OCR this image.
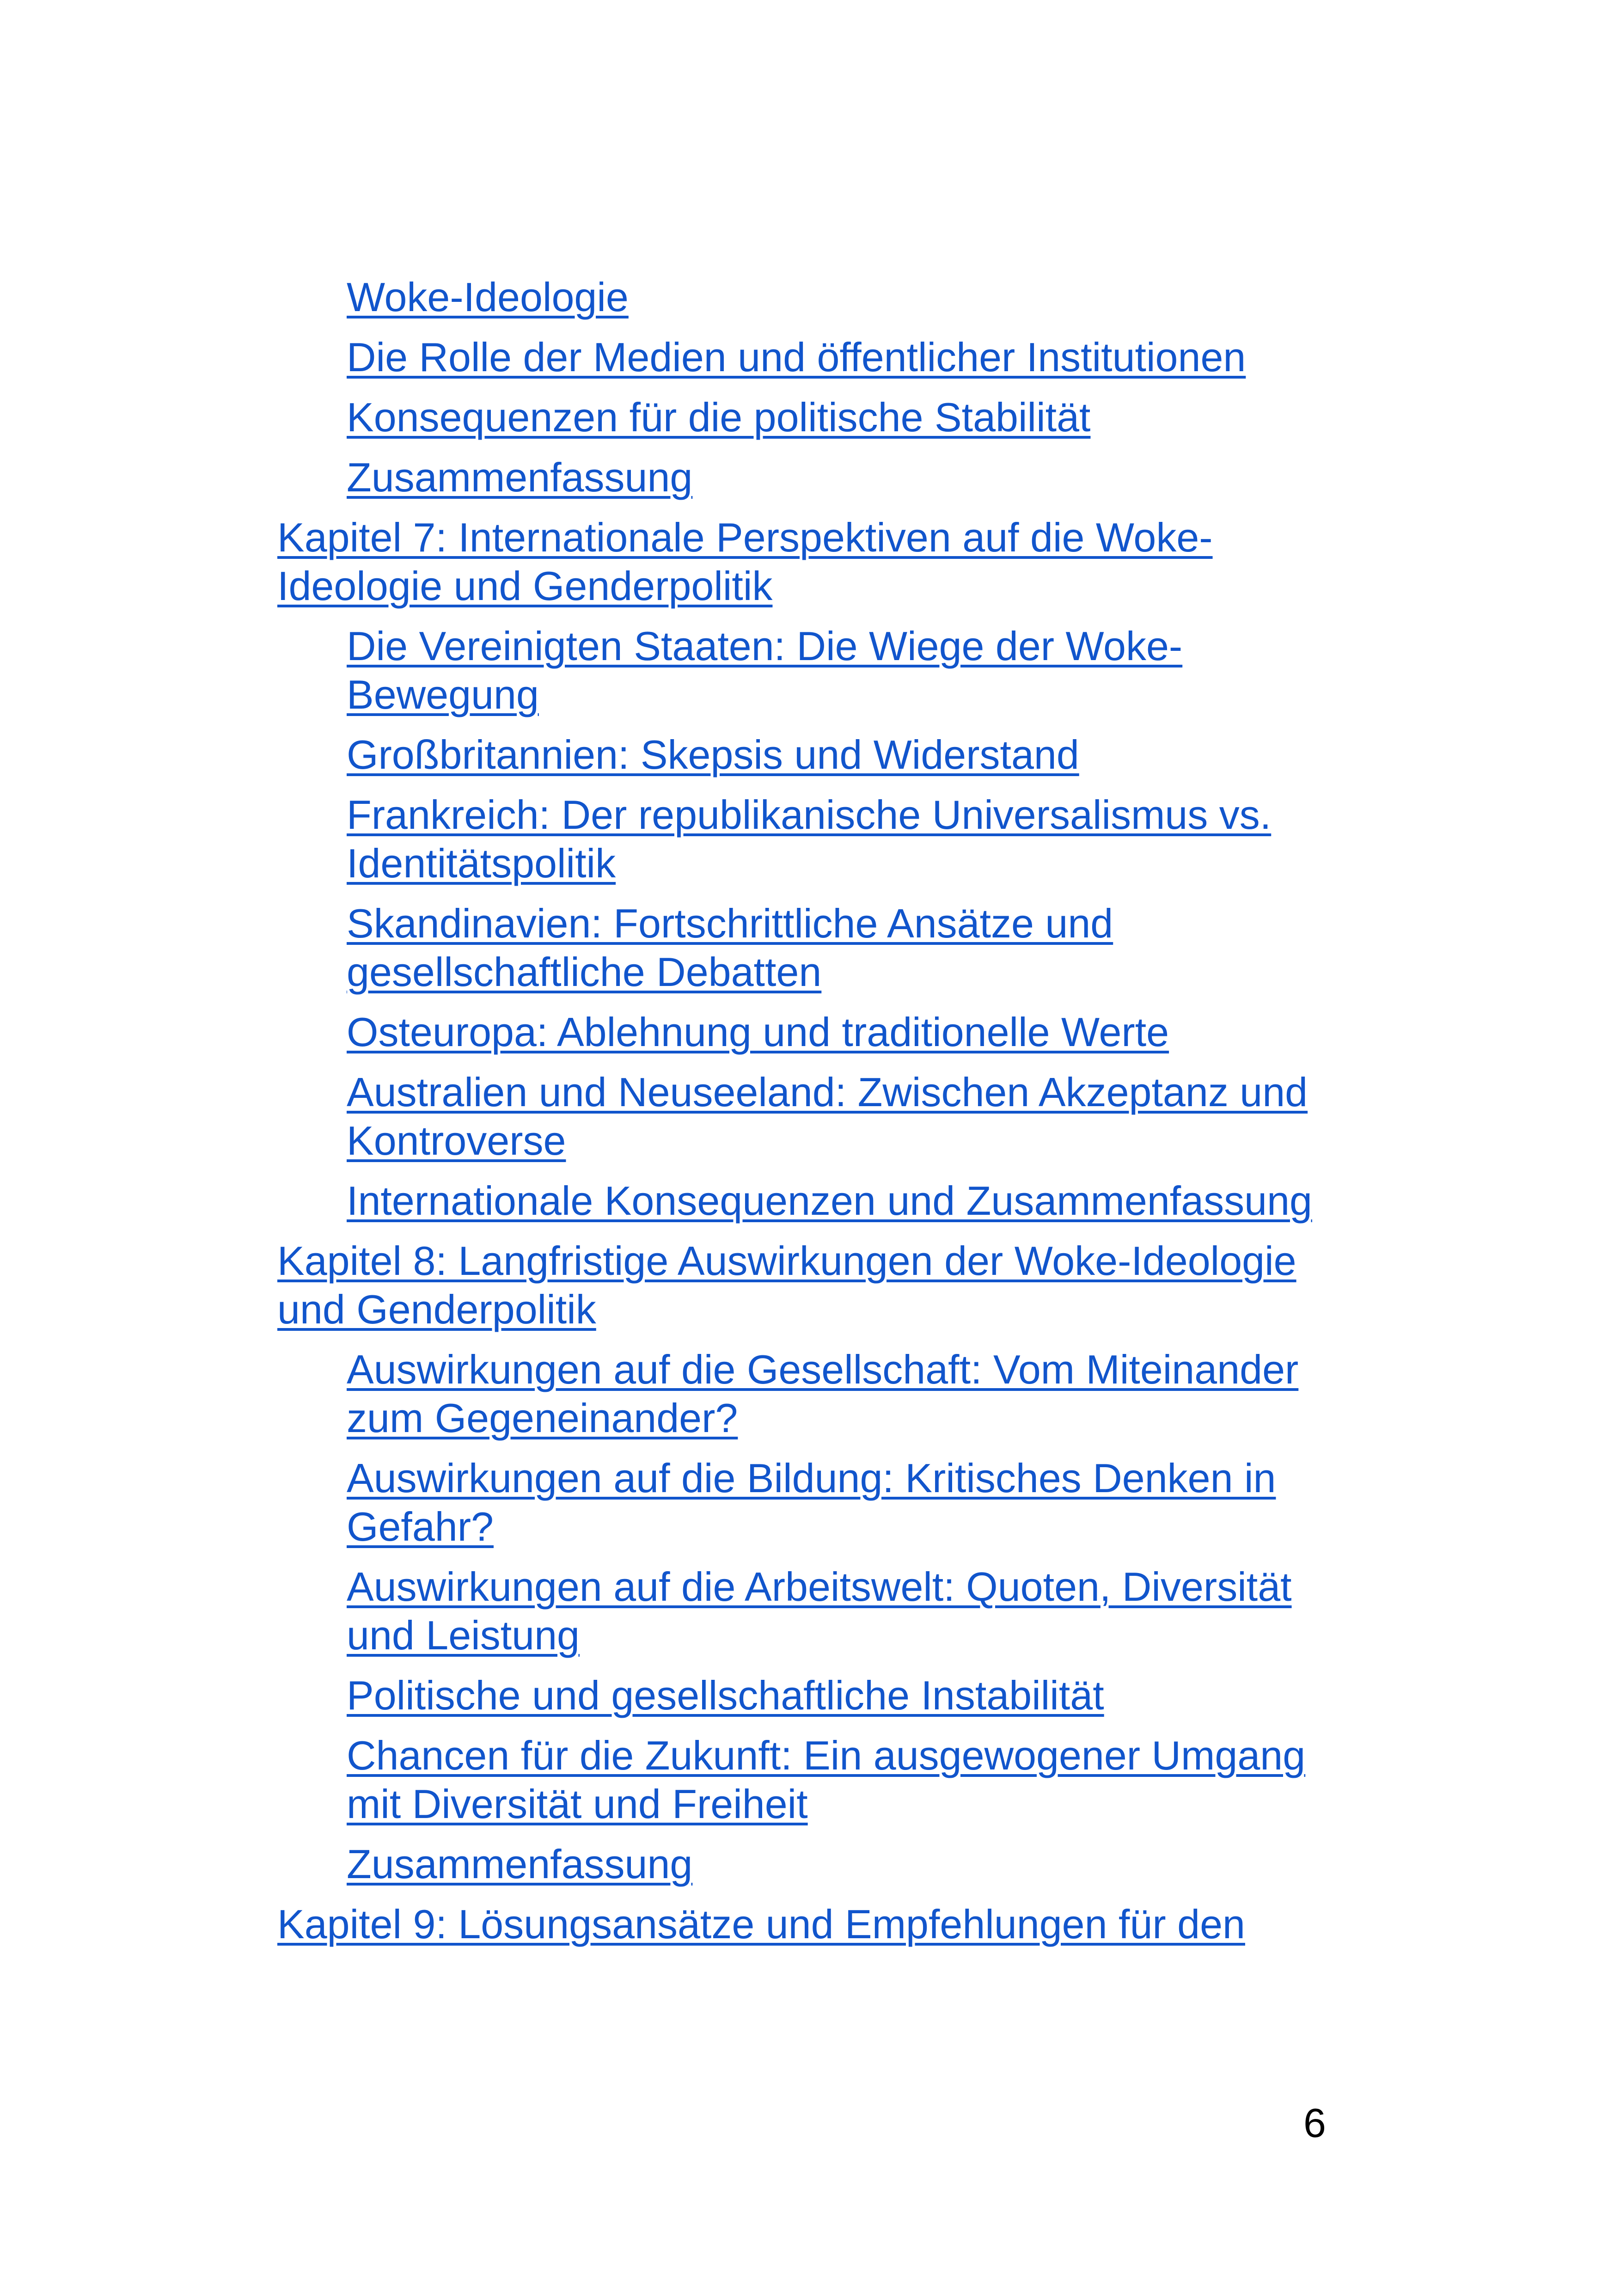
Woke-Ideologie
Die Rolle der Medien und öffentlicher Institutionen
Konsequenzen für die politische Stabilität
Zusammenfassung
Kapitel 7: Internationale Perspektiven auf die Woke-Ideologie und Genderpolitik
Die Vereinigten Staaten: Die Wiege der Woke-Bewegung
Großbritannien: Skepsis und Widerstand
Frankreich: Der republikanische Universalismus vs. Identitätspolitik
Skandinavien: Fortschrittliche Ansätze und gesellschaftliche Debatten
Osteuropa: Ablehnung und traditionelle Werte
Australien und Neuseeland: Zwischen Akzeptanz und Kontroverse
Internationale Konsequenzen und Zusammenfassung
Kapitel 8: Langfristige Auswirkungen der Woke-Ideologie und Genderpolitik
Auswirkungen auf die Gesellschaft: Vom Miteinander zum Gegeneinander?
Auswirkungen auf die Bildung: Kritisches Denken in Gefahr?
Auswirkungen auf die Arbeitswelt: Quoten, Diversität und Leistung
Politische und gesellschaftliche Instabilität
Chancen für die Zukunft: Ein ausgewogener Umgang mit Diversität und Freiheit
Zusammenfassung
Kapitel 9: Lösungsansätze und Empfehlungen für den
6
